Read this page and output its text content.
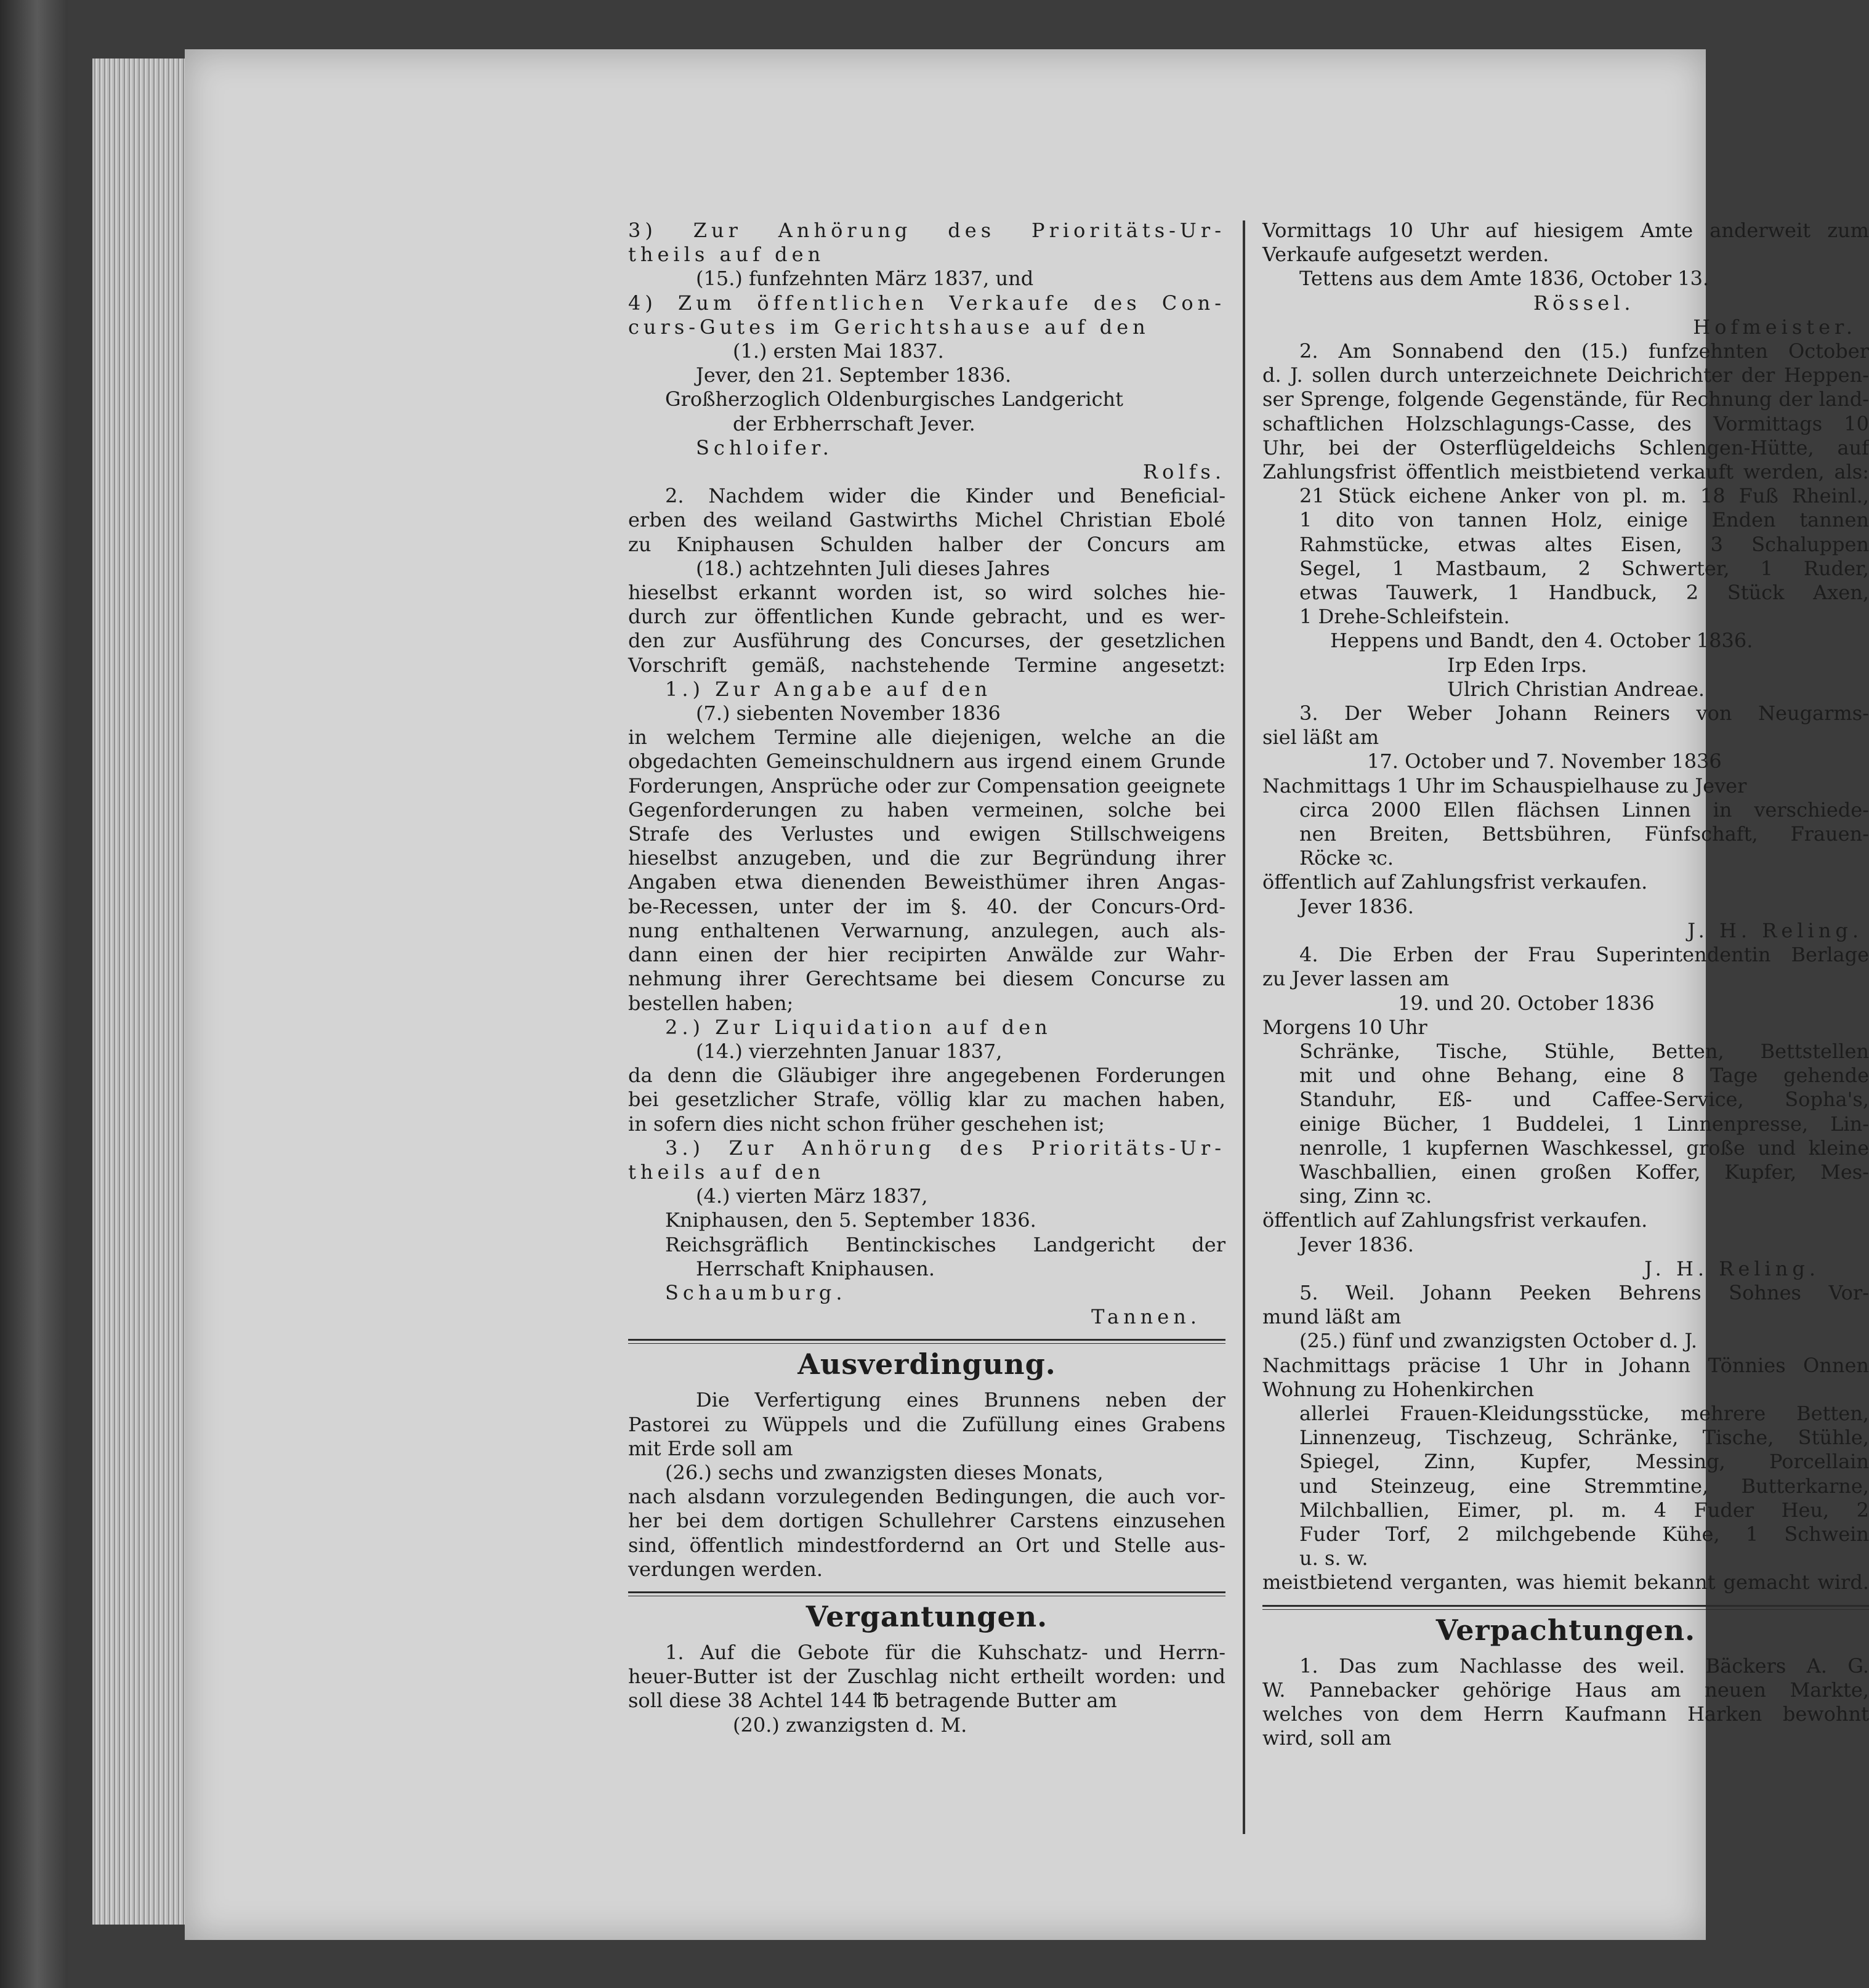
3) Zur Anhörung des Prioritäts-Ur-
theils auf den
(15.) funfzehnten März 1837, und
4) Zum öffentlichen Verkaufe des Con-
curs-Gutes im Gerichtshause auf den
(1.) ersten Mai 1837.
Jever, den 21. September 1836.
Großherzoglich Oldenburgisches Landgericht
der Erbherrschaft Jever.
Schloifer.
Rolfs.
2. Nachdem wider die Kinder und Beneficial-
erben des weiland Gastwirths Michel Christian Ebolé
zu Kniphausen Schulden halber der Concurs am
(18.) achtzehnten Juli dieses Jahres
hieselbst erkannt worden ist, so wird solches hie-
durch zur öffentlichen Kunde gebracht, und es wer-
den zur Ausführung des Concurses, der gesetzlichen
Vorschrift gemäß, nachstehende Termine angesetzt:
1.) Zur Angabe auf den
(7.) siebenten November 1836
in welchem Termine alle diejenigen, welche an die
obgedachten Gemeinschuldnern aus irgend einem Grunde
Forderungen, Ansprüche oder zur Compensation geeignete
Gegenforderungen zu haben vermeinen, solche bei
Strafe des Verlustes und ewigen Stillschweigens
hieselbst anzugeben, und die zur Begründung ihrer
Angaben etwa dienenden Beweisthümer ihren Angas-
be-Recessen, unter der im §. 40. der Concurs-Ord-
nung enthaltenen Verwarnung, anzulegen, auch als-
dann einen der hier recipirten Anwälde zur Wahr-
nehmung ihrer Gerechtsame bei diesem Concurse zu
bestellen haben;
2.) Zur Liquidation auf den
(14.) vierzehnten Januar 1837,
da denn die Gläubiger ihre angegebenen Forderungen
bei gesetzlicher Strafe, völlig klar zu machen haben,
in sofern dies nicht schon früher geschehen ist;
3.) Zur Anhörung des Prioritäts-Ur-
theils auf den
(4.) vierten März 1837,
Kniphausen, den 5. September 1836.
Reichsgräflich Bentinckisches Landgericht der
Herrschaft Kniphausen.
Schaumburg.
Tannen.
Ausverdingung.
Die Verfertigung eines Brunnens neben der
Pastorei zu Wüppels und die Zufüllung eines Grabens
mit Erde soll am
(26.) sechs und zwanzigsten dieses Monats,
nach alsdann vorzulegenden Bedingungen, die auch vor-
her bei dem dortigen Schullehrer Carstens einzusehen
sind, öffentlich mindestfordernd an Ort und Stelle aus-
verdungen werden.
Vergantungen.
1. Auf die Gebote für die Kuhschatz- und Herrn-
heuer-Butter ist der Zuschlag nicht ertheilt worden: und
soll diese 38 Achtel 144 ℔ betragende Butter am
(20.) zwanzigsten d. M.
Vormittags 10 Uhr auf hiesigem Amte anderweit zum
Verkaufe aufgesetzt werden.
Tettens aus dem Amte 1836, October 13.
Rössel.
Hofmeister.
2. Am Sonnabend den (15.) funfzehnten October
d. J. sollen durch unterzeichnete Deichrichter der Heppen-
ser Sprenge, folgende Gegenstände, für Rechnung der land-
schaftlichen Holzschlagungs-Casse, des Vormittags 10
Uhr, bei der Osterflügeldeichs Schlengen-Hütte, auf
Zahlungsfrist öffentlich meistbietend verkauft werden, als:
21 Stück eichene Anker von pl. m. 18 Fuß Rheinl.,
1 dito von tannen Holz, einige Enden tannen
Rahmstücke, etwas altes Eisen, 3 Schaluppen
Segel, 1 Mastbaum, 2 Schwerter, 1 Ruder,
etwas Tauwerk, 1 Handbuck, 2 Stück Axen,
1 Drehe-Schleifstein.
Heppens und Bandt, den 4. October 1836.
Irp Eden Irps.
Ulrich Christian Andreae.
3. Der Weber Johann Reiners von Neugarms-
siel läßt am
17. October und 7. November 1836
Nachmittags 1 Uhr im Schauspielhause zu Jever
circa 2000 Ellen flächsen Linnen in verschiede-
nen Breiten, Bettsbühren, Fünfschaft, Frauen-
Röcke ꝛc.
öffentlich auf Zahlungsfrist verkaufen.
Jever 1836.
J. H. Reling.
4. Die Erben der Frau Superintendentin Berlage
zu Jever lassen am
19. und 20. October 1836
Morgens 10 Uhr
Schränke, Tische, Stühle, Betten, Bettstellen
mit und ohne Behang, eine 8 Tage gehende
Standuhr, Eß- und Caffee-Service, Sopha's,
einige Bücher, 1 Buddelei, 1 Linnenpresse, Lin-
nenrolle, 1 kupfernen Waschkessel, große und kleine
Waschballien, einen großen Koffer, Kupfer, Mes-
sing, Zinn ꝛc.
öffentlich auf Zahlungsfrist verkaufen.
Jever 1836.
J. H. Reling.
5. Weil. Johann Peeken Behrens Sohnes Vor-
mund läßt am
(25.) fünf und zwanzigsten October d. J.
Nachmittags präcise 1 Uhr in Johann Tönnies Onnen
Wohnung zu Hohenkirchen
allerlei Frauen-Kleidungsstücke, mehrere Betten,
Linnenzeug, Tischzeug, Schränke, Tische, Stühle,
Spiegel, Zinn, Kupfer, Messing, Porcellain
und Steinzeug, eine Stremmtine, Butterkarne,
Milchballien, Eimer, pl. m. 4 Fuder Heu, 2
Fuder Torf, 2 milchgebende Kühe, 1 Schwein
u. s. w.
meistbietend verganten, was hiemit bekannt gemacht wird.
Verpachtungen.
1. Das zum Nachlasse des weil. Bäckers A. G.
W. Pannebacker gehörige Haus am neuen Markte,
welches von dem Herrn Kaufmann Harken bewohnt
wird, soll am
